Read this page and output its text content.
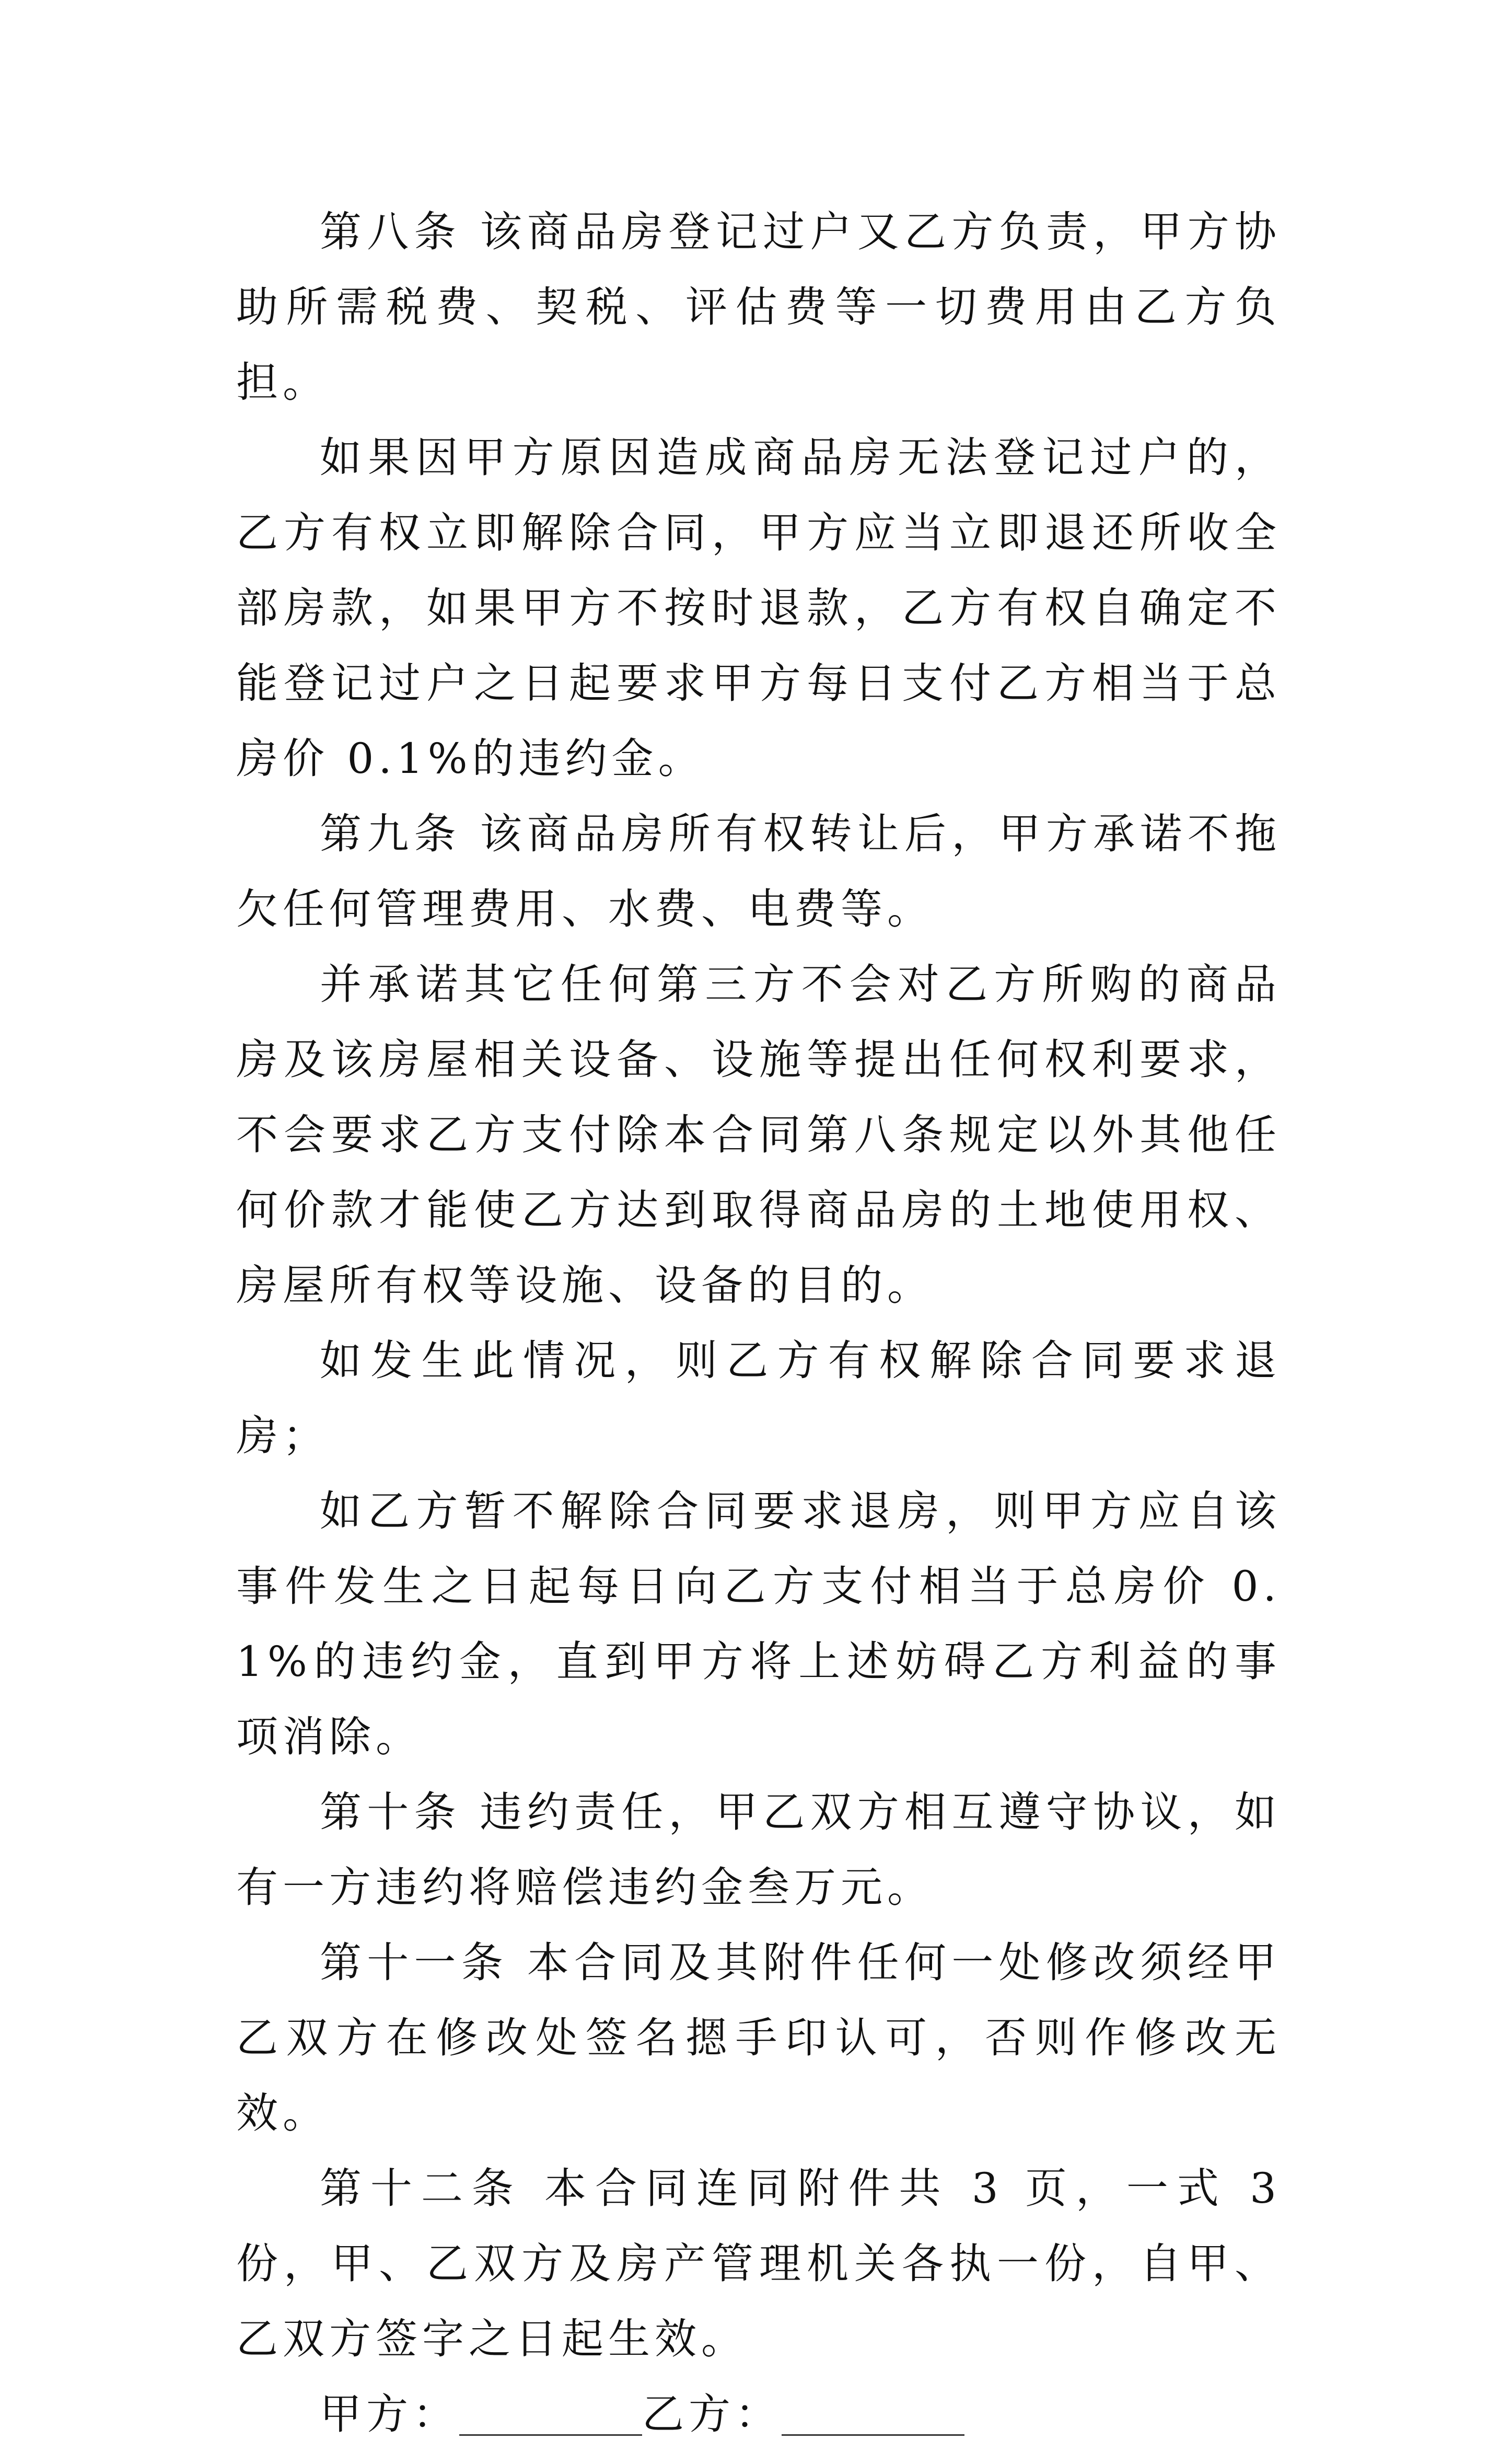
第八条 该商品房登记过户又乙方负责，甲方协助所需税费、契税、评估费等一切费用由乙方负担。

如果因甲方原因造成商品房无法登记过户的，乙方有权立即解除合同，甲方应当立即退还所收全部房款，如果甲方不按时退款，乙方有权自确定不能登记过户之日起要求甲方每日支付乙方相当于总房价 0.1%的违约金。

第九条 该商品房所有权转让后，甲方承诺不拖欠任何管理费用、水费、电费等。

并承诺其它任何第三方不会对乙方所购的商品房及该房屋相关设备、设施等提出任何权利要求，不会要求乙方支付除本合同第八条规定以外其他任何价款才能使乙方达到取得商品房的土地使用权、房屋所有权等设施、设备的目的。

如发生此情况，则乙方有权解除合同要求退房；

如乙方暂不解除合同要求退房，则甲方应自该事件发生之日起每日向乙方支付相当于总房价 0.1%的违约金，直到甲方将上述妨碍乙方利益的事项消除。

第十条 违约责任，甲乙双方相互遵守协议，如有一方违约将赔偿违约金叁万元。

第十一条 本合同及其附件任何一处修改须经甲乙双方在修改处签名摁手印认可，否则作修改无效。

第十二条 本合同连同附件共 3 页，一式 3 份，甲、乙双方及房产管理机关各执一份，自甲、乙双方签字之日起生效。

甲方：	乙方：
